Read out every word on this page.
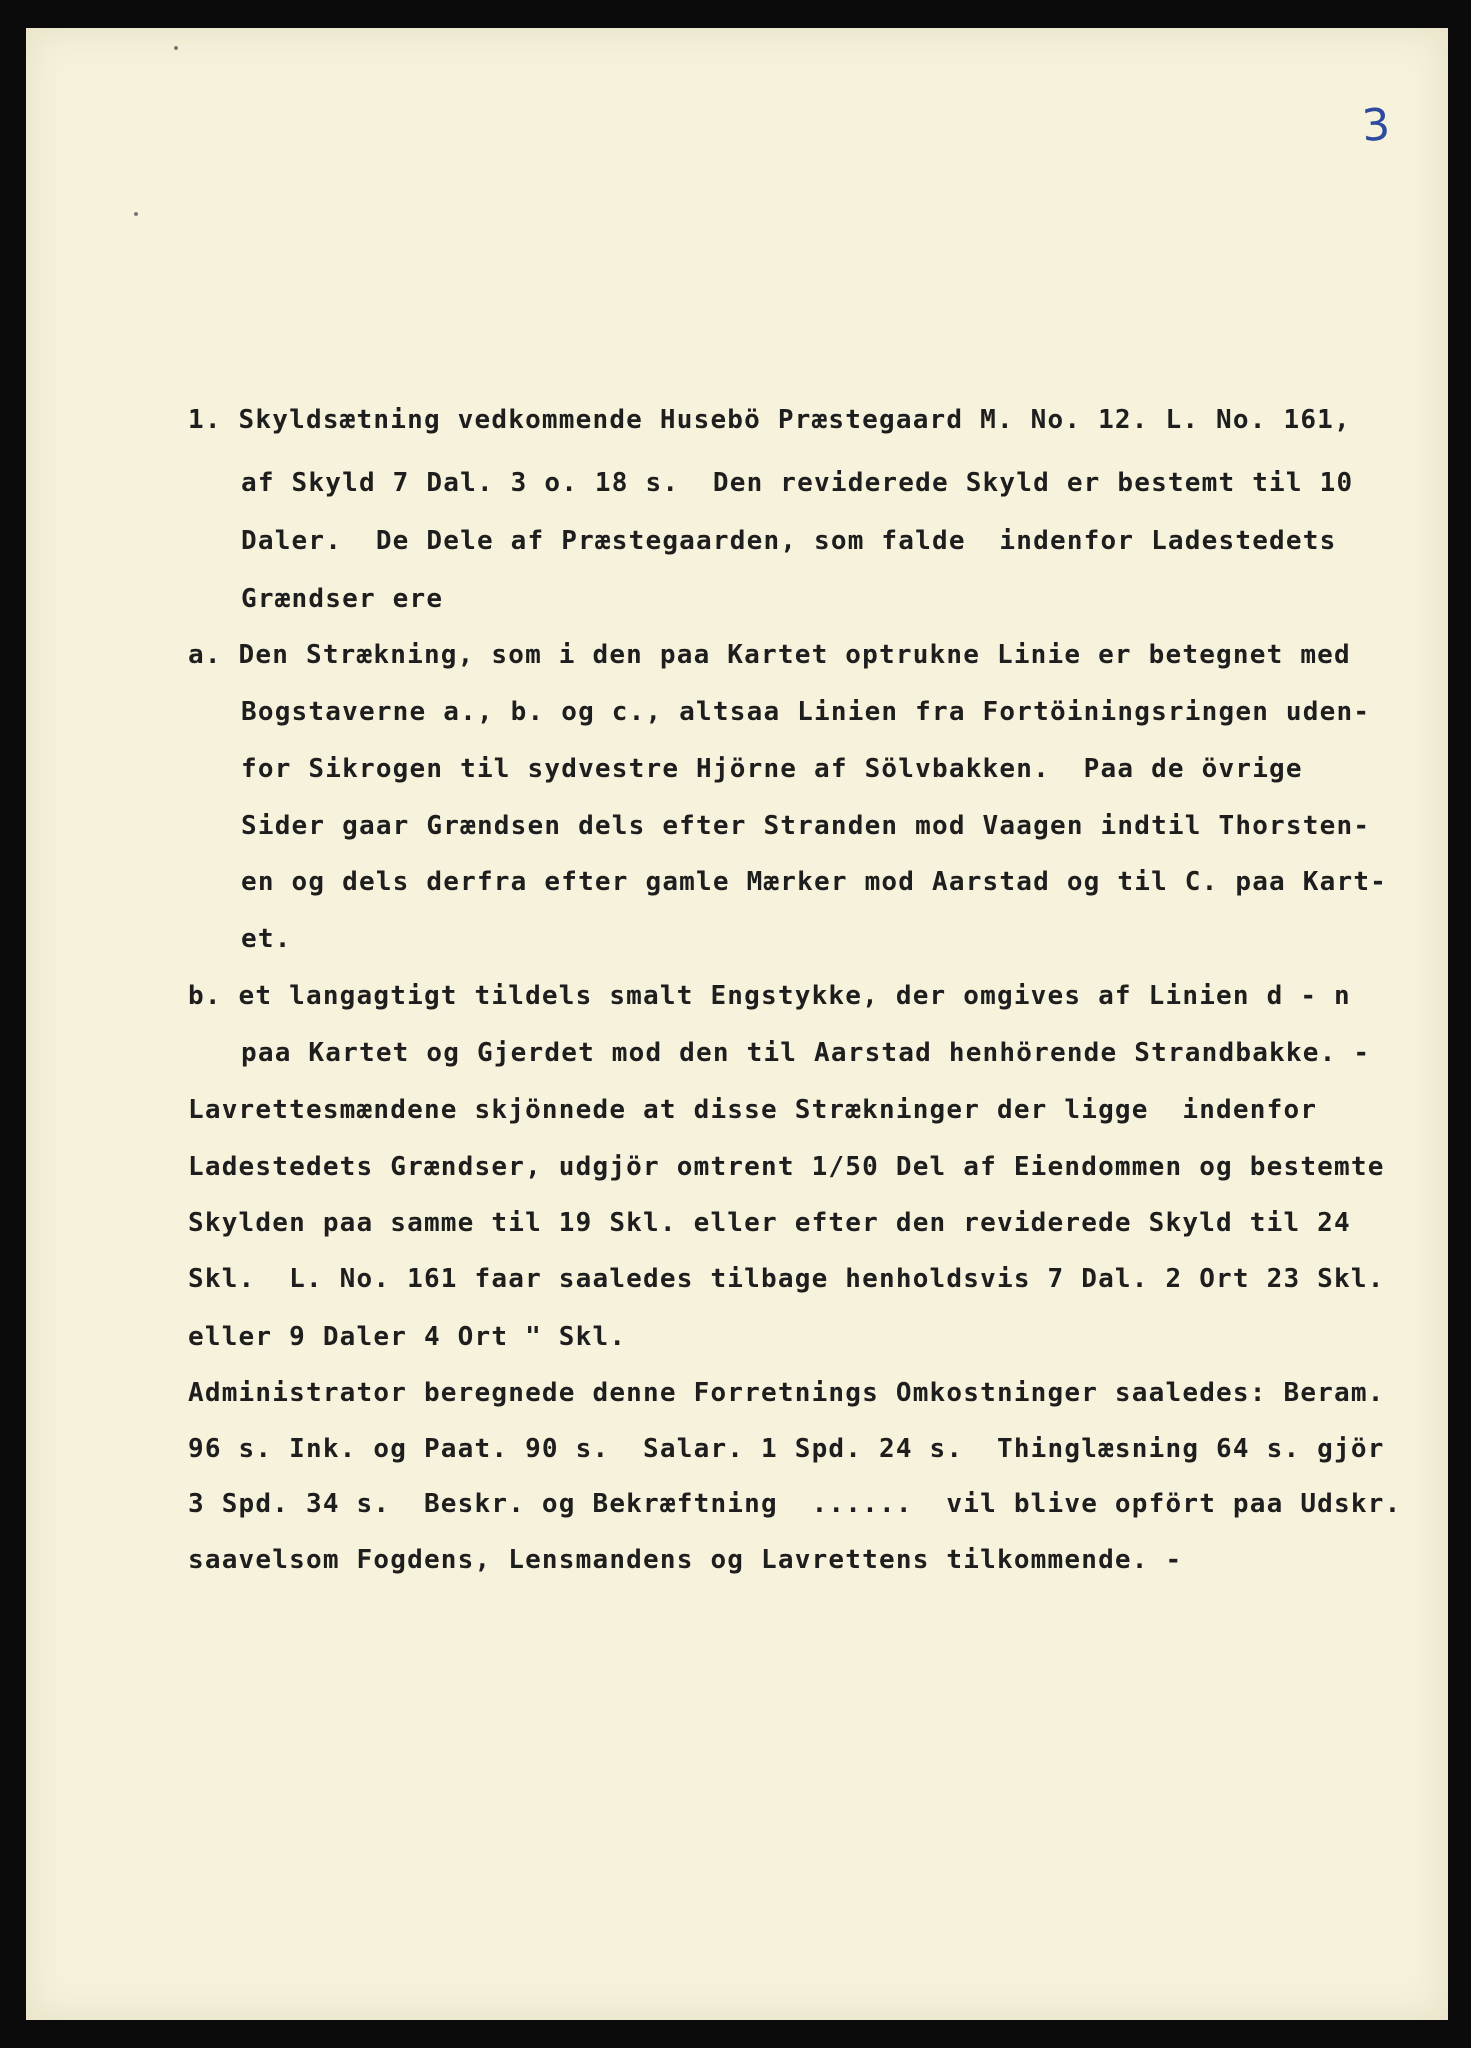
3
1. Skyldsætning vedkommende Husebö Præstegaard M. No. 12. L. No. 161,
af Skyld 7 Dal. 3 o. 18 s.  Den reviderede Skyld er bestemt til 10
Daler.  De Dele af Præstegaarden, som falde  indenfor Ladestedets
Grændser ere
a. Den Strækning, som i den paa Kartet optrukne Linie er betegnet med
Bogstaverne a., b. og c., altsaa Linien fra Fortöiningsringen uden-
for Sikrogen til sydvestre Hjörne af Sölvbakken.  Paa de övrige
Sider gaar Grændsen dels efter Stranden mod Vaagen indtil Thorsten-
en og dels derfra efter gamle Mærker mod Aarstad og til C. paa Kart-
et.
b. et langagtigt tildels smalt Engstykke, der omgives af Linien d - n
paa Kartet og Gjerdet mod den til Aarstad henhörende Strandbakke. -
Lavrettesmændene skjönnede at disse Strækninger der ligge  indenfor
Ladestedets Grændser, udgjör omtrent 1/50 Del af Eiendommen og bestemte
Skylden paa samme til 19 Skl. eller efter den reviderede Skyld til 24
Skl.  L. No. 161 faar saaledes tilbage henholdsvis 7 Dal. 2 Ort 23 Skl.
eller 9 Daler 4 Ort " Skl.
Administrator beregnede denne Forretnings Omkostninger saaledes: Beram.
96 s. Ink. og Paat. 90 s.  Salar. 1 Spd. 24 s.  Thinglæsning 64 s. gjör
3 Spd. 34 s.  Beskr. og Bekræftning  ......  vil blive opfört paa Udskr.
saavelsom Fogdens, Lensmandens og Lavrettens tilkommende. -
